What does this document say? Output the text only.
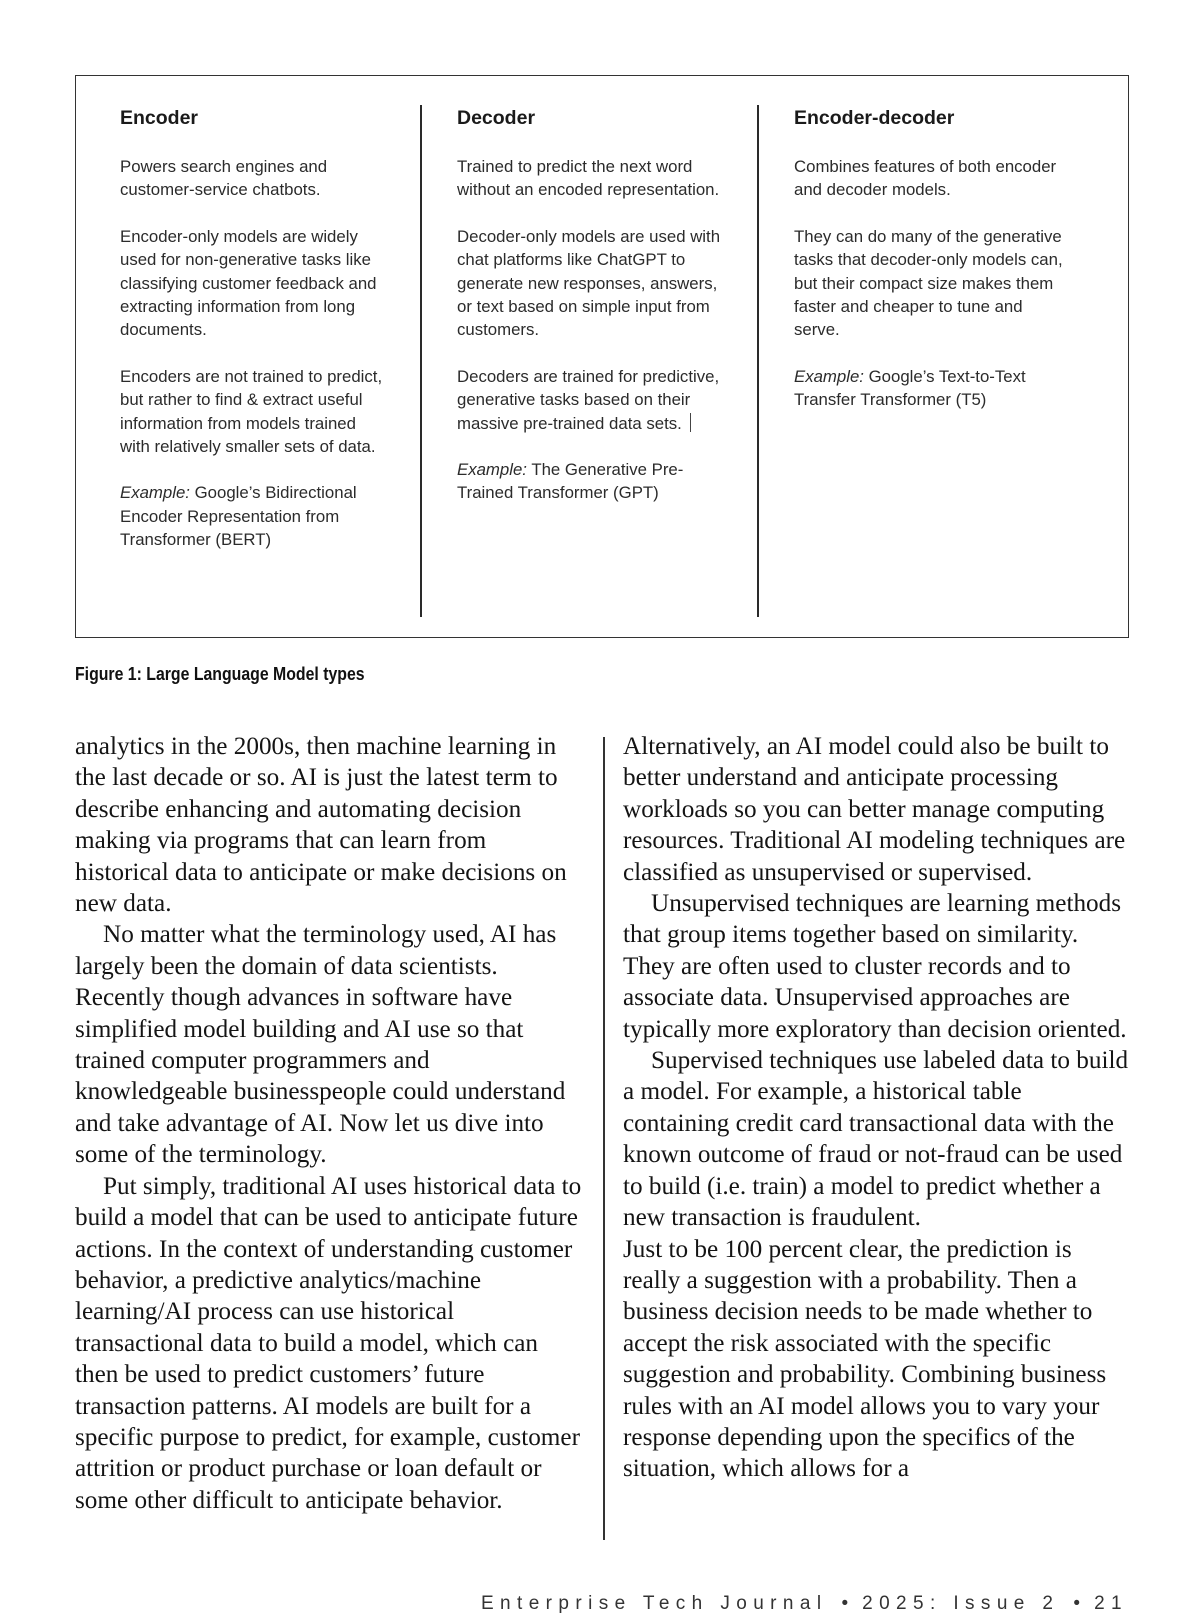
Encoder

Powers search engines and customer-service chatbots.

Encoder-only models are widely used for non-generative tasks like classifying customer feedback and extracting information from long documents.

Encoders are not trained to predict, but rather to find & extract useful information from models trained with relatively smaller sets of data.

Example: Google’s Bidirectional Encoder Representation from Transformer (BERT)

Decoder

Trained to predict the next word without an encoded representation.

Decoder-only models are used with chat platforms like ChatGPT to generate new responses, answers, or text based on simple input from customers.

Decoders are trained for predictive, generative tasks based on their massive pre-trained data sets.

Example: The Generative Pre-Trained Transformer (GPT)

Encoder-decoder

Combines features of both encoder and decoder models.

They can do many of the generative tasks that decoder-only models can, but their compact size makes them faster and cheaper to tune and serve.

Example: Google’s Text-to-Text Transfer Transformer (T5)

Figure 1: Large Language Model types

analytics in the 2000s, then machine learning in the last decade or so. AI is just the latest term to describe enhancing and automating decision making via programs that can learn from historical data to anticipate or make decisions on new data.

No matter what the terminology used, AI has largely been the domain of data scientists. Recently though advances in software have simplified model building and AI use so that trained computer programmers and knowledgeable businesspeople could understand and take advantage of AI. Now let us dive into some of the terminology.

Put simply, traditional AI uses historical data to build a model that can be used to anticipate future actions. In the context of understanding customer behavior, a predictive analytics/machine learning/AI process can use historical transactional data to build a model, which can then be used to predict customers’ future transaction patterns. AI models are built for a specific purpose to predict, for example, customer attrition or product purchase or loan default or some other difficult to anticipate behavior.

Alternatively, an AI model could also be built to better understand and anticipate processing workloads so you can better manage computing resources. Traditional AI modeling techniques are classified as unsupervised or supervised.

Unsupervised techniques are learning methods that group items together based on similarity. They are often used to cluster records and to associate data. Unsupervised approaches are typically more exploratory than decision oriented.

Supervised techniques use labeled data to build a model. For example, a historical table containing credit card transactional data with the known outcome of fraud or not-fraud can be used to build (i.e. train) a model to predict whether a new transaction is fraudulent.

Just to be 100 percent clear, the prediction is really a suggestion with a probability. Then a business decision needs to be made whether to accept the risk associated with the specific suggestion and probability. Combining business rules with an AI model allows you to vary your response depending upon the specifics of the situation, which allows for a

Enterprise Tech Journal • 2025: Issue 2 • 21
